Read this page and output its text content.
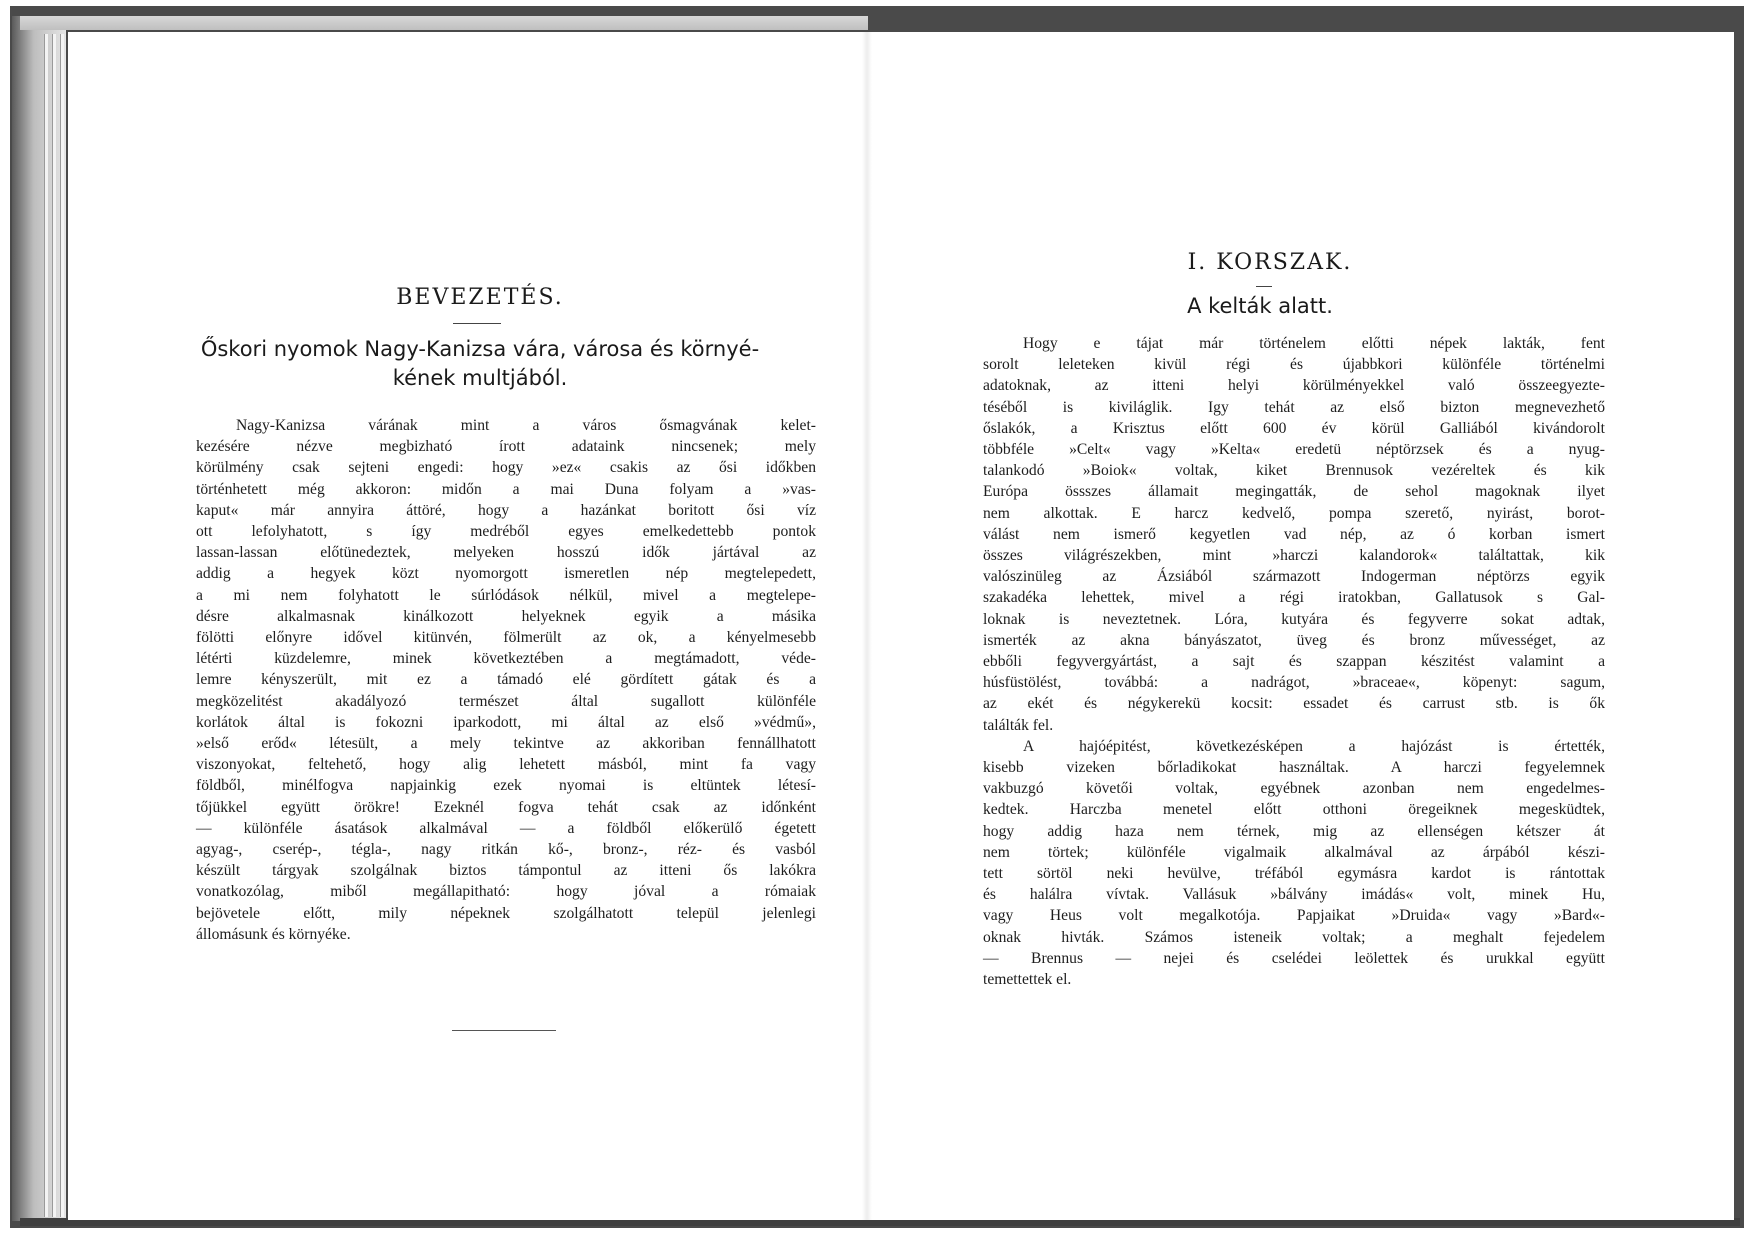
BEVEZETÉS.
Őskori nyomok Nagy-Kanizsa vára, városa és környé-
kének multjából.
Nagy-Kanizsa várának mint a város ősmagvának kelet-
kezésére nézve megbizható írott adataink nincsenek; mely
körülmény csak sejteni engedi: hogy »ez« csakis az ősi időkben
történhetett még akkoron: midőn a mai Duna folyam a »vas-
kaput« már annyira áttöré, hogy a hazánkat boritott ősi víz
ott lefolyhatott, s így medréből egyes emelkedettebb pontok
lassan-lassan előtünedeztek, melyeken hosszú idők jártával az
addig a hegyek közt nyomorgott ismeretlen nép megtelepedett,
a mi nem folyhatott le súrlódások nélkül, mivel a megtelepe-
désre alkalmasnak kinálkozott helyeknek egyik a másika
fölötti előnyre idővel kitünvén, fölmerült az ok, a kényelmesebb
létérti küzdelemre, minek következtében a megtámadott, véde-
lemre kényszerült, mit ez a támadó elé gördített gátak és a
megközelitést akadályozó természet által sugallott különféle
korlátok által is fokozni iparkodott, mi által az első »védmű»,
»első erőd« létesült, a mely tekintve az akkoriban fennállhatott
viszonyokat, feltehető, hogy alig lehetett másból, mint fa vagy
földből, minélfogva napjainkig ezek nyomai is eltüntek létesí-
tőjükkel együtt örökre! Ezeknél fogva tehát csak az időnként
— különféle ásatások alkalmával — a földből előkerülő égetett
agyag-, cserép-, tégla-, nagy ritkán kő-, bronz-, réz- és vasból
készült tárgyak szolgálnak biztos támpontul az itteni ős lakókra
vonatkozólag, miből megállapitható: hogy jóval a rómaiak
bejövetele előtt, mily népeknek szolgálhatott települ jelenlegi
állomásunk és környéke.
I. KORSZAK.
A kelták alatt.
Hogy e tájat már történelem előtti népek lakták, fent
sorolt leleteken kivül régi és újabbkori különféle történelmi
adatoknak, az itteni helyi körülményekkel való összeegyezte-
téséből is kiviláglik. Igy tehát az első bizton megnevezhető
őslakók, a Krisztus előtt 600 év körül Galliából kivándorolt
többféle »Celt« vagy »Kelta« eredetü néptörzsek és a nyug-
talankodó »Boiok« voltak, kiket Brennusok vezéreltek és kik
Európa össszes államait megingatták, de sehol magoknak ilyet
nem alkottak. E harcz kedvelő, pompa szerető, nyirást, borot-
válást nem ismerő kegyetlen vad nép, az ó korban ismert
összes világrészekben, mint »harczi kalandorok« találtattak, kik
valószinüleg az Ázsiából származott Indogerman néptörzs egyik
szakadéka lehettek, mivel a régi iratokban, Gallatusok s Gal-
loknak is neveztetnek. Lóra, kutyára és fegyverre sokat adtak,
ismerték az akna bányászatot, üveg és bronz művességet, az
ebbőli fegyvergyártást, a sajt és szappan készitést valamint a
húsfüstölést, továbbá: a nadrágot, »braceae«, köpenyt: sagum,
az ekét és négykerekü kocsit: essadet és carrust stb. is ők
találták fel.
A hajóépitést, következésképen a hajózást is értették,
kisebb vizeken bőrladikokat használtak. A harczi fegyelemnek
vakbuzgó követői voltak, egyébnek azonban nem engedelmes-
kedtek. Harczba menetel előtt otthoni öregeiknek megesküdtek,
hogy addig haza nem térnek, mig az ellenségen kétszer át
nem törtek; különféle vigalmaik alkalmával az árpából készi-
tett sörtöl neki hevülve, tréfából egymásra kardot is rántottak
és halálra vívtak. Vallásuk »bálvány imádás« volt, minek Hu,
vagy Heus volt megalkotója. Papjaikat »Druida« vagy »Bard«-
oknak hivták. Számos isteneik voltak; a meghalt fejedelem
— Brennus — nejei és cselédei leölettek és urukkal együtt
temettettek el.
